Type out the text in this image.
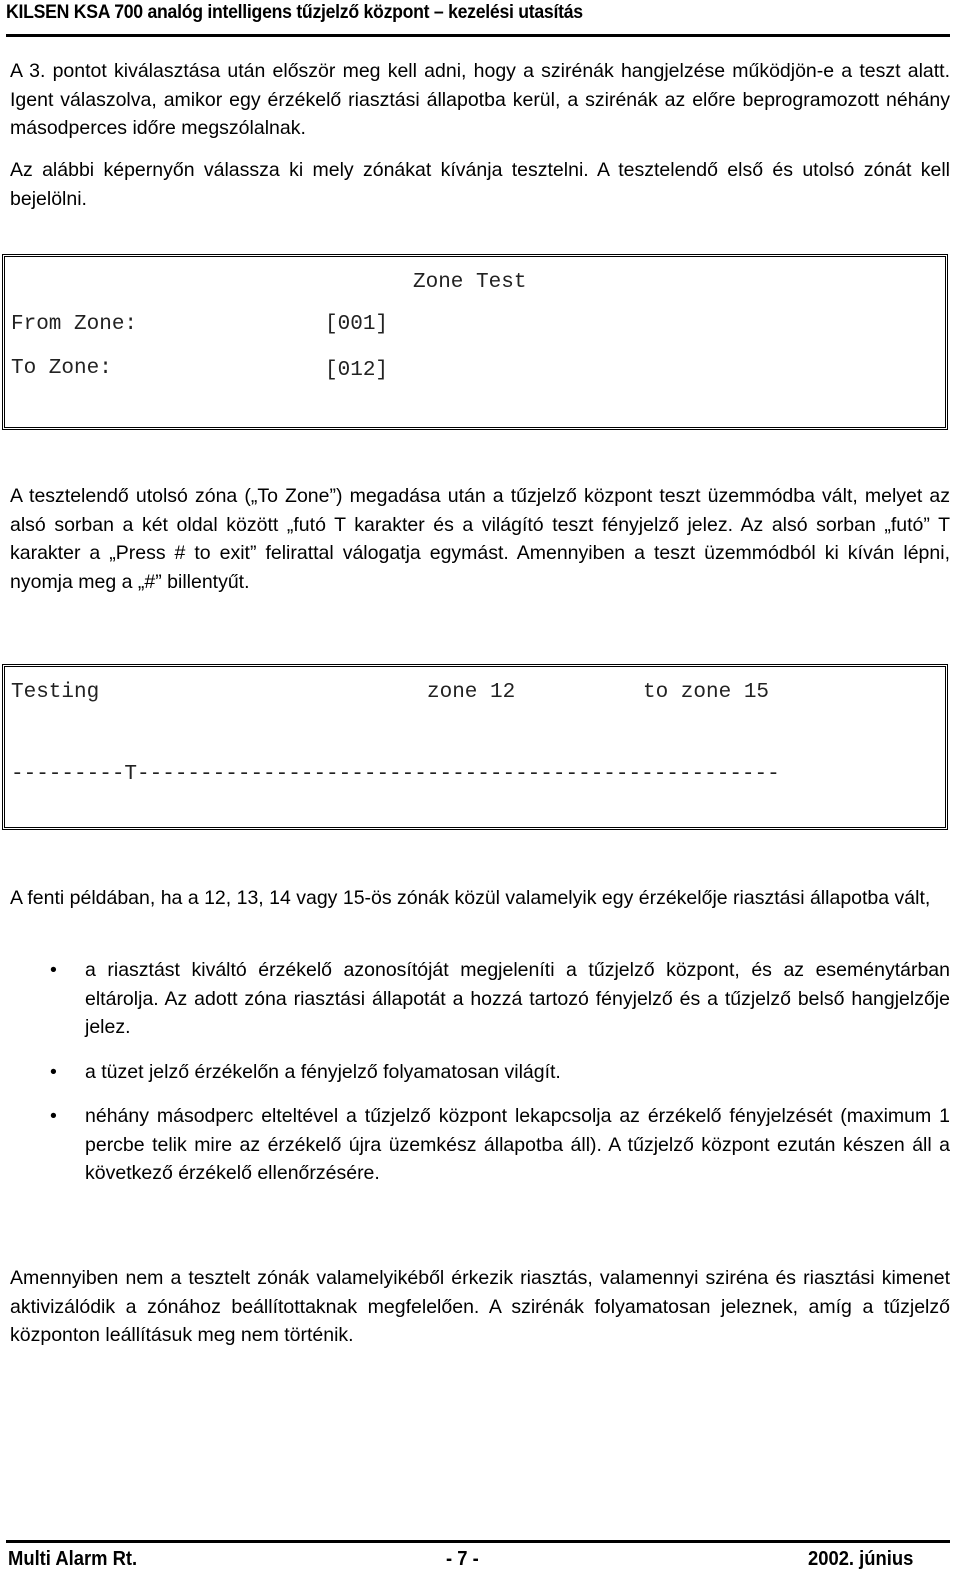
KILSEN KSA 700 analóg intelligens tűzjelző központ – kezelési utasítás
A 3. pontot kiválasztása után először meg kell adni, hogy a szirénák hangjelzése működjön-e a teszt alatt. Igent válaszolva, amikor egy érzékelő riasztási állapotba kerül, a szirénák az előre beprogramozott néhány másodperces időre megszólalnak.
Az alábbi képernyőn válassza ki mely zónákat kívánja tesztelni. A tesztelendő első és utolsó zónát kell bejelölni.
Zone Test
From Zone:	[001]
To Zone:	[012]
A tesztelendő utolsó zóna („To Zone”) megadása után a tűzjelző központ teszt üzemmódba vált, melyet az alsó sorban a két oldal között „futó T karakter és a világító teszt fényjelző jelez. Az alsó sorban „futó” T karakter a „Press # to exit” felirattal válogatja egymást. Amennyiben a teszt üzemmódból ki kíván lépni, nyomja meg a „#” billentyűt.
Testing	zone 12	to zone 15
---------T---------------------------------------------------
A fenti példában, ha a 12, 13, 14 vagy 15-ös zónák közül valamelyik egy érzékelője riasztási állapotba vált,
• a riasztást kiváltó érzékelő azonosítóját megjeleníti a tűzjelző központ, és az eseménytárban eltárolja. Az adott zóna riasztási állapotát a hozzá tartozó fényjelző és a tűzjelző belső hangjelzője jelez.
• a tüzet jelző érzékelőn a fényjelző folyamatosan világít.
• néhány másodperc elteltével a tűzjelző központ lekapcsolja az érzékelő fényjelzését (maximum 1 percbe telik mire az érzékelő újra üzemkész állapotba áll). A tűzjelző központ ezután készen áll a következő érzékelő ellenőrzésére.
Amennyiben nem a tesztelt zónák valamelyikéből érkezik riasztás, valamennyi sziréna és riasztási kimenet aktivizálódik a zónához beállítottaknak megfelelően. A szirénák folyamatosan jeleznek, amíg a tűzjelző központon leállításuk meg nem történik.
Multi Alarm Rt.	- 7 -	2002. június
